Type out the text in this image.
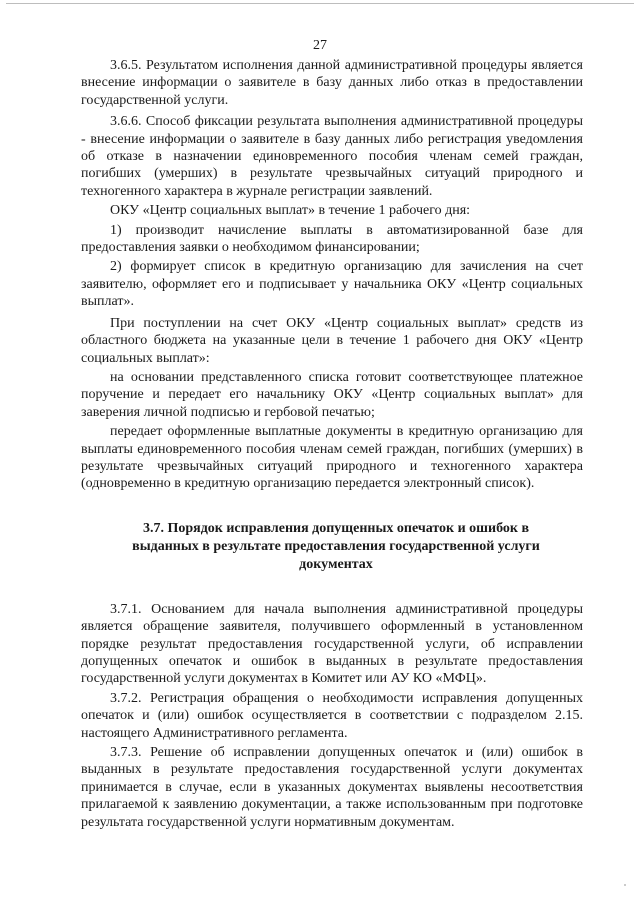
27

3.6.5. Результатом исполнения данной административной процедуры является внесение информации о заявителе в базу данных либо отказ в предоставлении государственной услуги.

3.6.6. Способ фиксации результата выполнения административной процедуры - внесение информации о заявителе в базу данных либо регистрация уведомления об отказе в назначении единовременного пособия членам семей граждан, погибших (умерших) в результате чрезвычайных ситуаций природного и техногенного характера в журнале регистрации заявлений.

ОКУ «Центр социальных выплат» в течение 1 рабочего дня:

1) производит начисление выплаты в автоматизированной базе для предоставления заявки о необходимом финансировании;

2) формирует список в кредитную организацию для зачисления на счет заявителю, оформляет его и подписывает у начальника ОКУ «Центр социальных выплат».

При поступлении на счет ОКУ «Центр социальных выплат» средств из областного бюджета на указанные цели в течение 1 рабочего дня ОКУ «Центр социальных выплат»:

на основании представленного списка готовит соответствующее платежное поручение и передает его начальнику ОКУ «Центр социальных выплат» для заверения личной подписью и гербовой печатью;

передает оформленные выплатные документы в кредитную организацию для выплаты единовременного пособия членам семей граждан, погибших (умерших) в результате чрезвычайных ситуаций природного и техногенного характера (одновременно в кредитную организацию передается электронный список).

3.7. Порядок исправления допущенных опечаток и ошибок в выданных в результате предоставления государственной услуги документах

3.7.1. Основанием для начала выполнения административной процедуры является обращение заявителя, получившего оформленный в установленном порядке результат предоставления государственной услуги, об исправлении допущенных опечаток и ошибок в выданных в результате предоставления государственной услуги документах в Комитет или АУ КО «МФЦ».

3.7.2. Регистрация обращения о необходимости исправления допущенных опечаток и (или) ошибок осуществляется в соответствии с подразделом 2.15. настоящего Административного регламента.

3.7.3. Решение об исправлении допущенных опечаток и (или) ошибок в выданных в результате предоставления государственной услуги документах принимается в случае, если в указанных документах выявлены несоответствия прилагаемой к заявлению документации, а также использованным при подготовке результата государственной услуги нормативным документам.
